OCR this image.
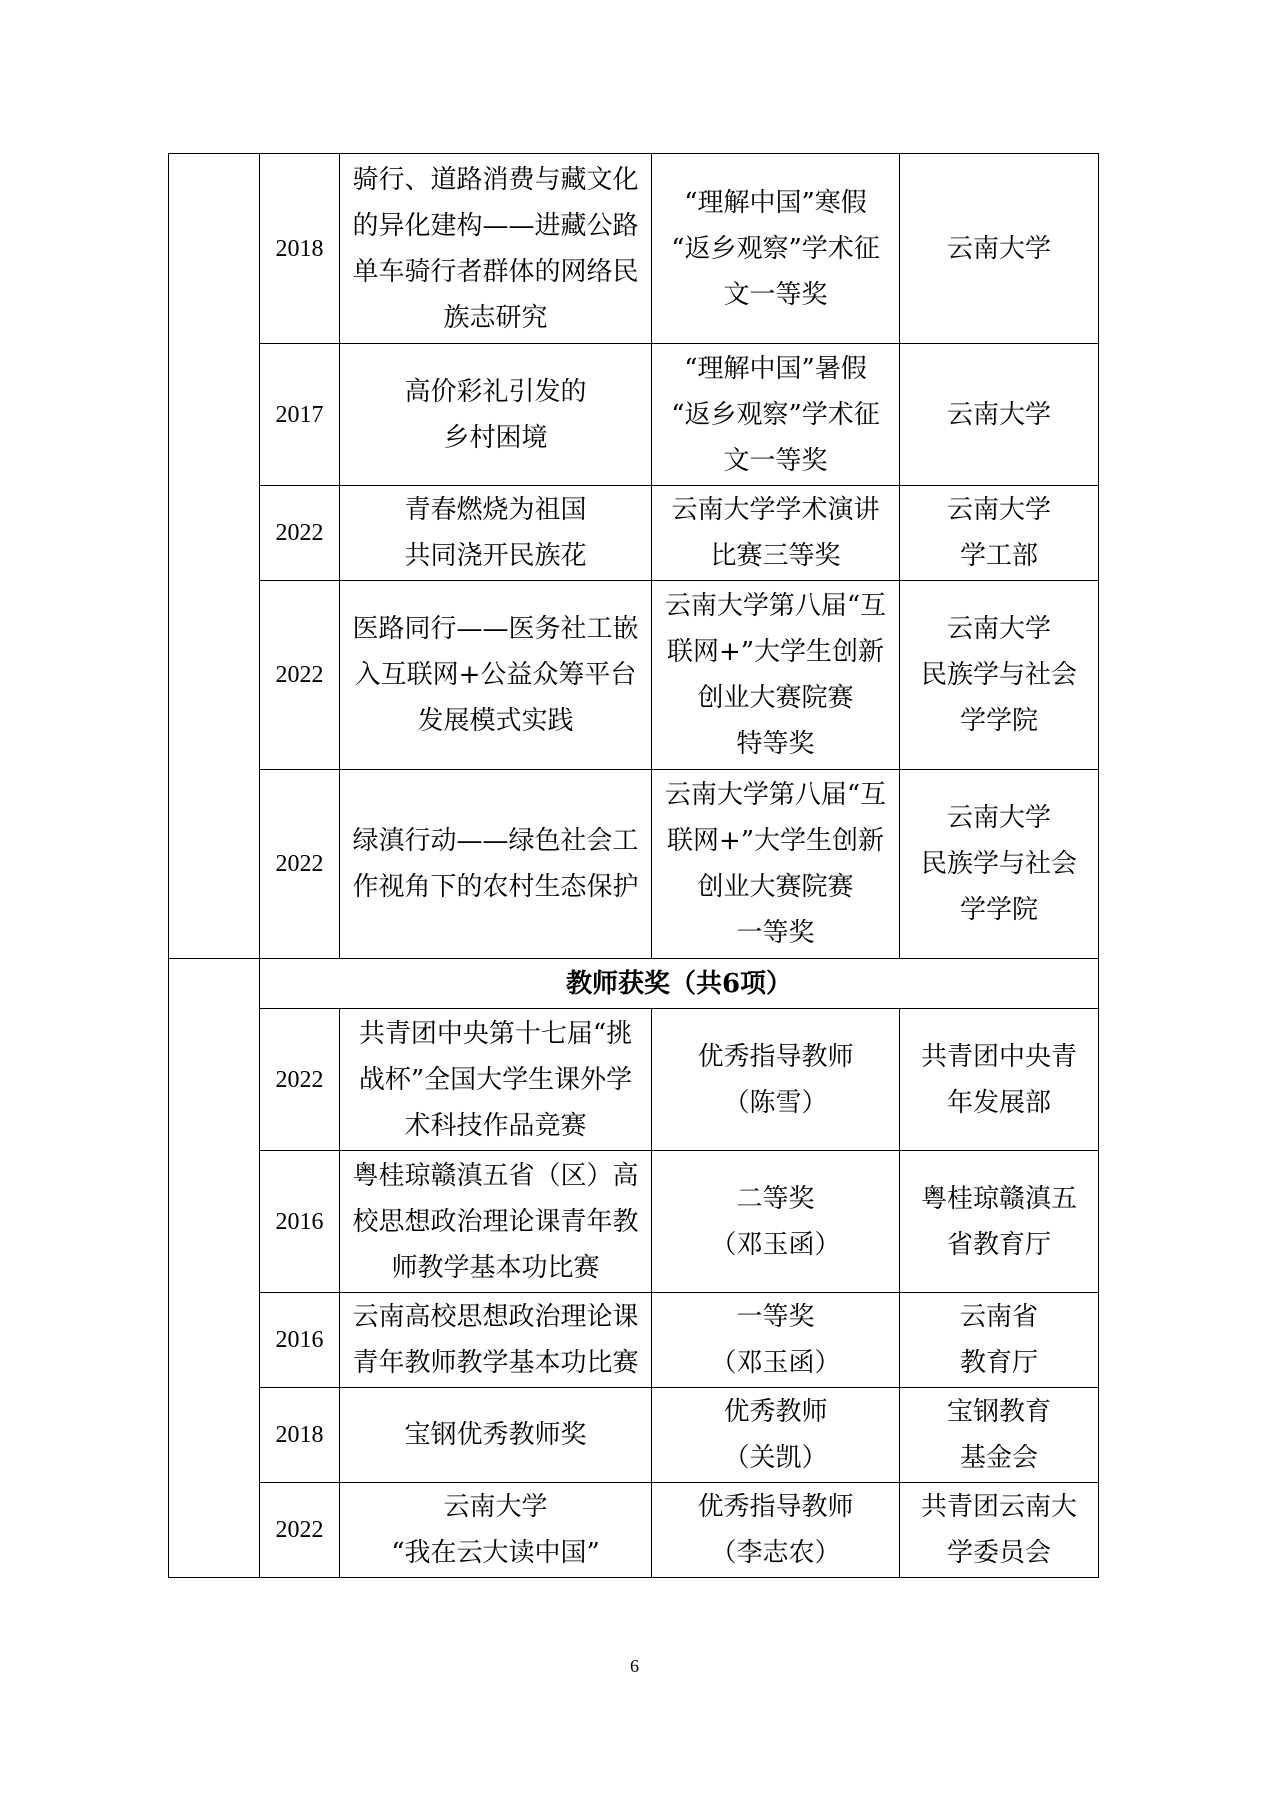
	2018	骑行、道路消费与藏文化
的异化建构——进藏公路
单车骑行者群体的网络民
族志研究	“理解中国”寒假
“返乡观察”学术征
文一等奖	云南大学

	2017	高价彩礼引发的
乡村困境	“理解中国”暑假
“返乡观察”学术征
文一等奖	云南大学

	2022	青春燃烧为祖国
共同浇开民族花	云南大学学术演讲
比赛三等奖	云南大学
学工部

	2022	医路同行——医务社工嵌
入互联网+公益众筹平台
发展模式实践	云南大学第八届“互
联网+”大学生创新
创业大赛院赛
特等奖	云南大学
民族学与社会
学学院

	2022	绿滇行动——绿色社会工
作视角下的农村生态保护	云南大学第八届“互
联网+”大学生创新
创业大赛院赛
一等奖	云南大学
民族学与社会
学学院

	教师获奖（共6项）			
	2022	共青团中央第十七届“挑
战杯”全国大学生课外学
术科技作品竞赛	优秀指导教师
（陈雪）	共青团中央青
年发展部

	2016	粤桂琼赣滇五省（区）高
校思想政治理论课青年教
师教学基本功比赛	二等奖
（邓玉函）	粤桂琼赣滇五
省教育厅

	2016	云南高校思想政治理论课
青年教师教学基本功比赛	一等奖
（邓玉函）	云南省
教育厅

	2018	宝钢优秀教师奖	优秀教师
（关凯）	宝钢教育
基金会

	2022	云南大学
“我在云大读中国”	优秀指导教师
（李志农）	共青团云南大
学委员会
6
